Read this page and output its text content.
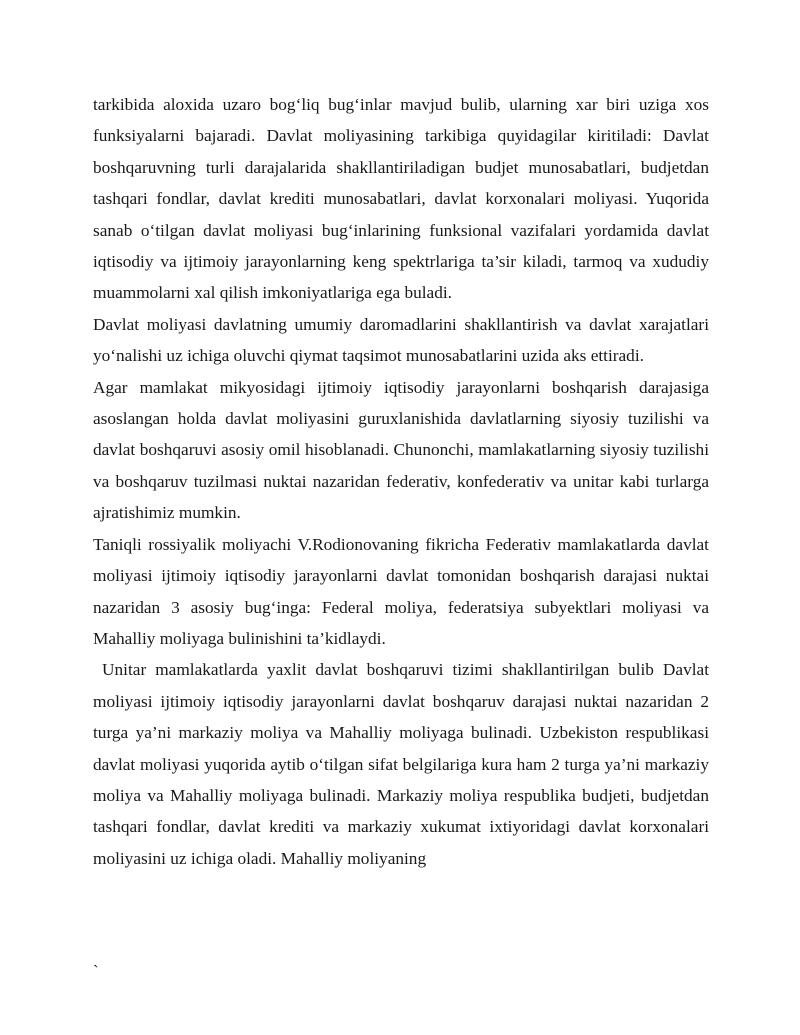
tarkibida aloxida uzaro bog‘liq bug‘inlar mavjud bulib, ularning xar biri uziga xos funksiyalarni bajaradi. Davlat moliyasining tarkibiga quyidagilar kiritiladi: Davlat boshqaruvning turli darajalarida shakllantiriladigan budjet munosabatlari, budjetdan tashqari fondlar, davlat krediti munosabatlari, davlat korxonalari moliyasi. Yuqorida sanab o‘tilgan davlat moliyasi bug‘inlarining funksional vazifalari yordamida davlat iqtisodiy va ijtimoiy jarayonlarning keng spektrlariga ta’sir kiladi, tarmoq va xududiy muammolarni xal qilish imkoniyatlariga ega buladi.

Davlat moliyasi davlatning umumiy daromadlarini shakllantirish va davlat xarajatlari yo‘nalishi uz ichiga oluvchi qiymat taqsimot munosabatlarini uzida aks ettiradi.

Agar mamlakat mikyosidagi ijtimoiy iqtisodiy jarayonlarni boshqarish darajasiga asoslangan holda davlat moliyasini guruxlanishida davlatlarning siyosiy tuzilishi va davlat boshqaruvi asosiy omil hisoblanadi. Chunonchi, mamlakatlarning siyosiy tuzilishi va boshqaruv tuzilmasi nuktai nazaridan federativ, konfederativ va unitar kabi turlarga ajratishimiz mumkin.

Taniqli rossiyalik moliyachi V.Rodionovaning fikricha Federativ mamlakatlarda davlat moliyasi ijtimoiy iqtisodiy jarayonlarni davlat tomonidan boshqarish darajasi nuktai nazaridan 3 asosiy bug‘inga: Federal moliya, federatsiya subyektlari moliyasi va Mahalliy moliyaga bulinishini ta’kidlaydi.

Unitar mamlakatlarda yaxlit davlat boshqaruvi tizimi shakllantirilgan bulib Davlat moliyasi ijtimoiy iqtisodiy jarayonlarni davlat boshqaruv darajasi nuktai nazaridan 2 turga ya’ni markaziy moliya va Mahalliy moliyaga bulinadi. Uzbekiston respublikasi davlat moliyasi yuqorida aytib o‘tilgan sifat belgilariga kura ham 2 turga ya’ni markaziy moliya va Mahalliy moliyaga bulinadi. Markaziy moliya respublika budjeti, budjetdan tashqari fondlar, davlat krediti va markaziy xukumat ixtiyoridagi davlat korxonalari moliyasini uz ichiga oladi. Mahalliy moliyaning

`
